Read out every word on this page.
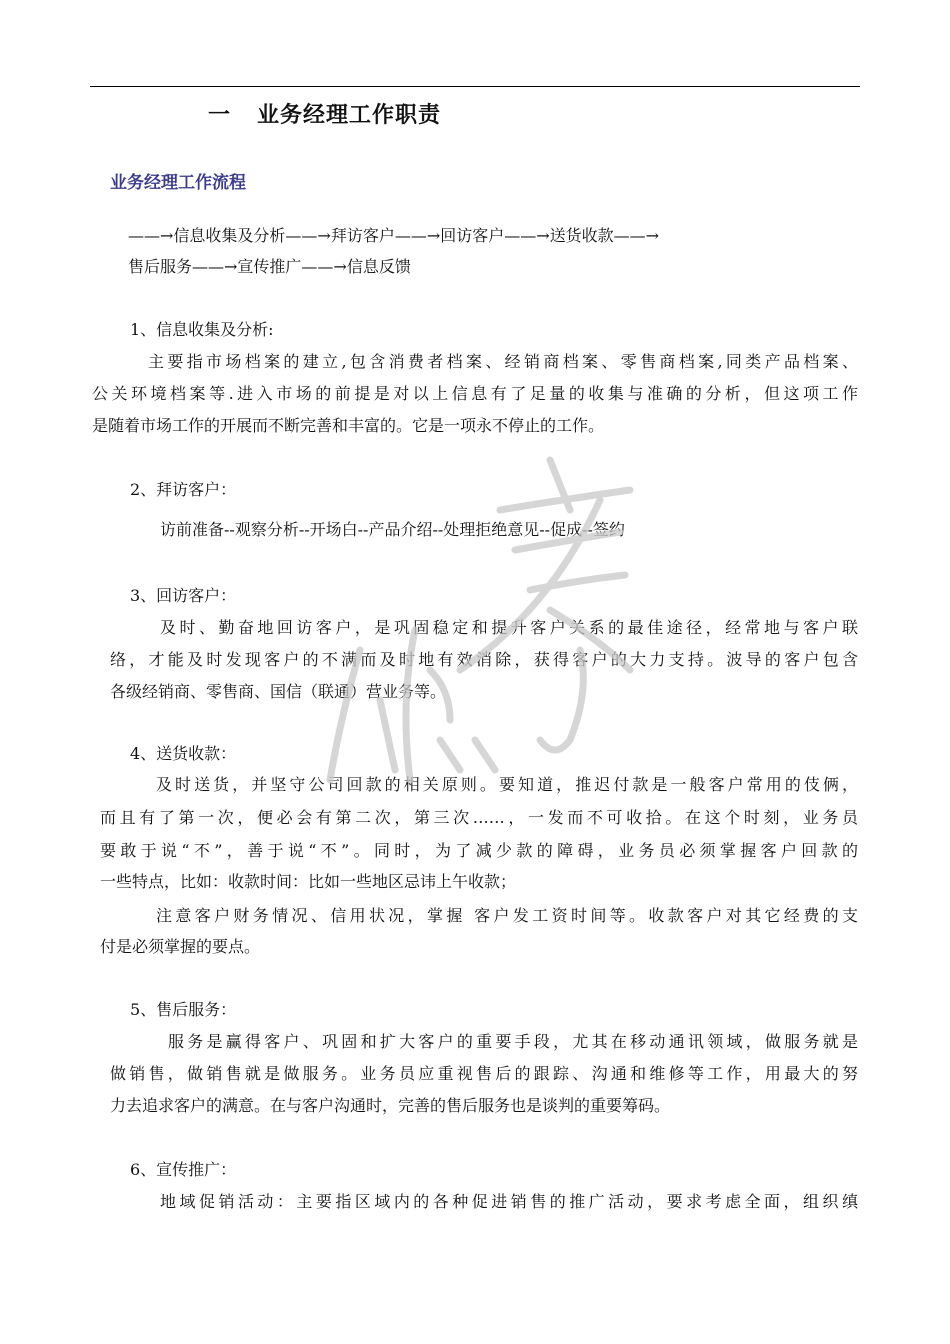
一 业务经理工作职责
业务经理工作流程
——→信息收集及分析——→拜访客户——→回访客户——→送货收款——→
售后服务——→宣传推广——→信息反馈
1、信息收集及分析:
主要指市场档案的建立,包含消费者档案、经销商档案、零售商档案,同类产品档案、
公关环境档案等.进入市场的前提是对以上信息有了足量的收集与准确的分析，但这项工作
是随着市场工作的开展而不断完善和丰富的。它是一项永不停止的工作。
2、拜访客户：
访前准备--观察分析--开场白--产品介绍--处理拒绝意见--促成--签约
3、回访客户：
及时、勤奋地回访客户，是巩固稳定和提升客户关系的最佳途径，经常地与客户联
络，才能及时发现客户的不满而及时地有效消除，获得客户的大力支持。波导的客户包含
各级经销商、零售商、国信（联通）营业务等。
4、送货收款：
及时送货，并坚守公司回款的相关原则。要知道，推迟付款是一般客户常用的伎俩，
而且有了第一次，便必会有第二次，第三次……，一发而不可收拾。在这个时刻，业务员
要敢于说“不”，善于说“不”。同时，为了减少款的障碍，业务员必须掌握客户回款的
一些特点，比如：收款时间：比如一些地区忌讳上午收款；
注意客户财务情况、信用状况，掌握 客户发工资时间等。收款客户对其它经费的支
付是必须掌握的要点。
5、售后服务：
服务是赢得客户、巩固和扩大客户的重要手段，尤其在移动通讯领域，做服务就是
做销售，做销售就是做服务。业务员应重视售后的跟踪、沟通和维修等工作，用最大的努
力去追求客户的满意。在与客户沟通时，完善的售后服务也是谈判的重要筹码。
6、宣传推广：
地域促销活动：主要指区域内的各种促进销售的推广活动，要求考虑全面，组织缜
